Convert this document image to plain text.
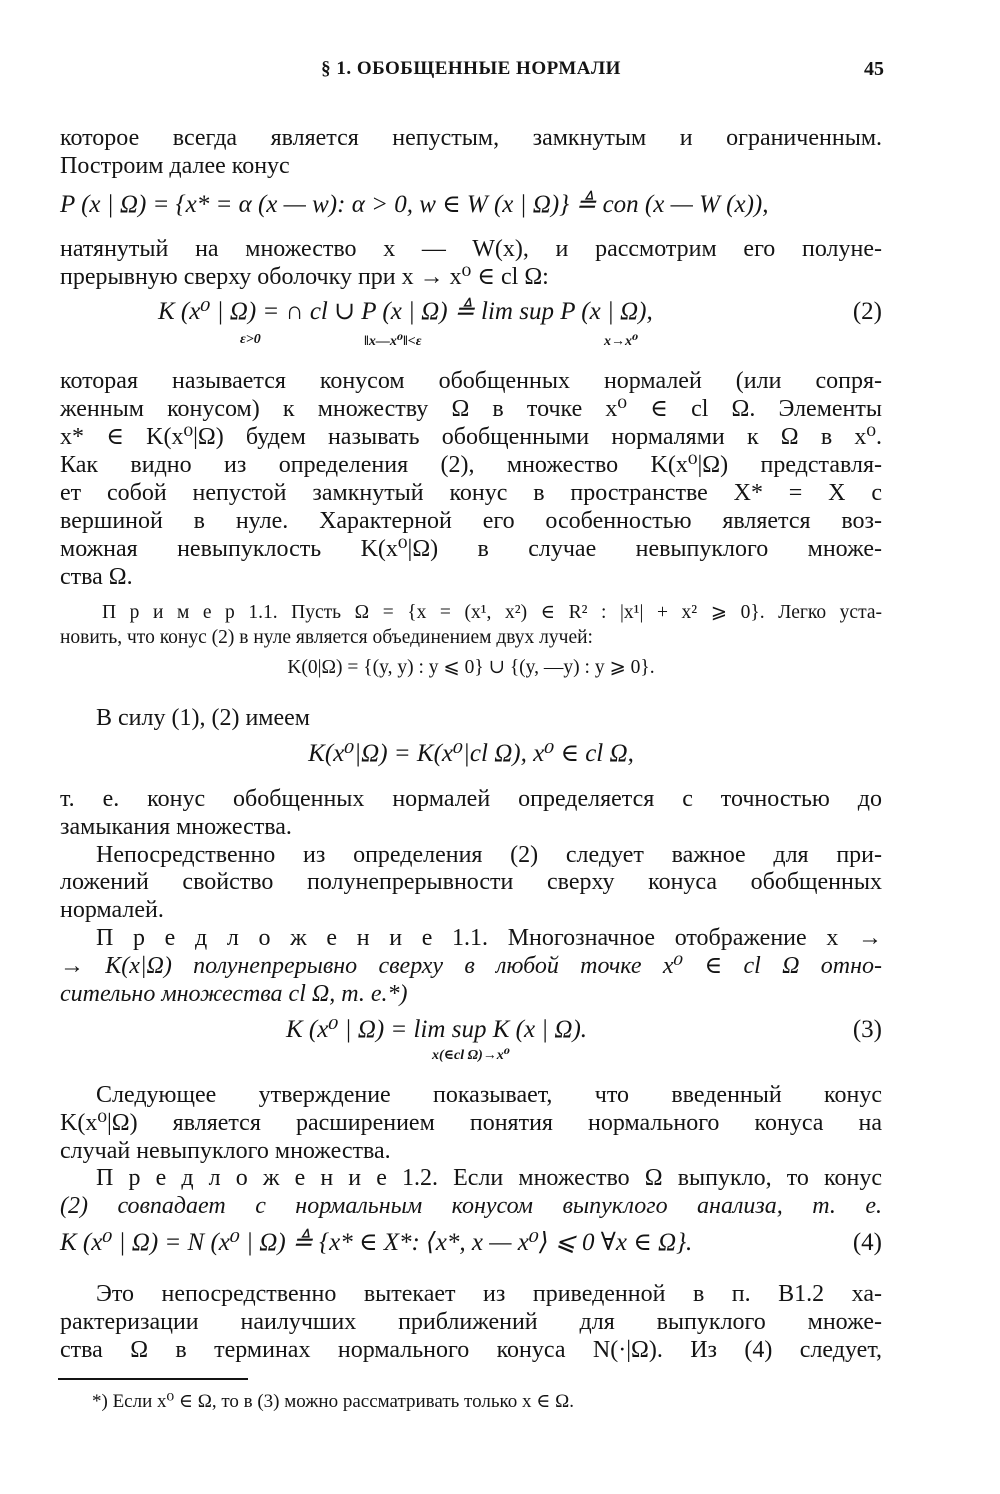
§ 1. ОБОБЩЕННЫЕ НОРМАЛИ	45
которое всегда является непустым, замкнутым и ограниченным.
Построим далее конус
P (x | Ω) = {x* = α (x — w): α > 0, w ∈ W (x | Ω)} ≜ con (x — W (x)),
натянутый на множество x — W(x), и рассмотрим его полуне-
прерывную сверху оболочку при x → x⁰ ∈ cl Ω:
K (x⁰ | Ω) = ∩ cl ∪ P (x | Ω) ≜ lim sup P (x | Ω),	(2)
ε>0	‖x—x⁰‖<ε	x→x⁰
которая называется конусом обобщенных нормалей (или сопря-
женным конусом) к множеству Ω в точке x⁰ ∈ cl Ω. Элементы
x* ∈ K(x⁰|Ω) будем называть обобщенными нормалями к Ω в x⁰.
Как видно из определения (2), множество K(x⁰|Ω) представля-
ет собой непустой замкнутый конус в пространстве X* = X с
вершиной в нуле. Характерной его особенностью является воз-
можная невыпуклость K(x⁰|Ω) в случае невыпуклого множе-
ства Ω.
П р и м е р 1.1. Пусть Ω = {x = (x¹, x²) ∈ R² : |x¹| + x² ⩾ 0}. Легко уста-
новить, что конус (2) в нуле является объединением двух лучей:
K(0|Ω) = {(y, y) : y ⩽ 0} ∪ {(y, —y) : y ⩾ 0}.
В силу (1), (2) имеем
K(x⁰|Ω) = K(x⁰|cl Ω), x⁰ ∈ cl Ω,
т. е. конус обобщенных нормалей определяется с точностью до
замыкания множества.
Непосредственно из определения (2) следует важное для при-
ложений свойство полунепрерывности сверху конуса обобщенных
нормалей.
П р е д л о ж е н и е 1.1. Многозначное отображение x →
→ K(x|Ω) полунепрерывно сверху в любой точке x⁰ ∈ cl Ω отно-
сительно множества cl Ω, т. е.*)
K (x⁰ | Ω) = lim sup K (x | Ω).	(3)
x(∈cl Ω)→x⁰
Следующее утверждение показывает, что введенный конус
K(x⁰|Ω) является расширением понятия нормального конуса на
случай невыпуклого множества.
П р е д л о ж е н и е 1.2. Если множество Ω выпукло, то конус
(2) совпадает с нормальным конусом выпуклого анализа, т. е.
K (x⁰ | Ω) = N (x⁰ | Ω) ≜ {x* ∈ X*: ⟨x*, x — x⁰⟩ ⩽ 0 ∀x ∈ Ω}.	(4)
Это непосредственно вытекает из приведенной в п. B1.2 ха-
рактеризации наилучших приближений для выпуклого множе-
ства Ω в терминах нормального конуса N(·|Ω). Из (4) следует,
*) Если x⁰ ∈ Ω, то в (3) можно рассматривать только x ∈ Ω.
